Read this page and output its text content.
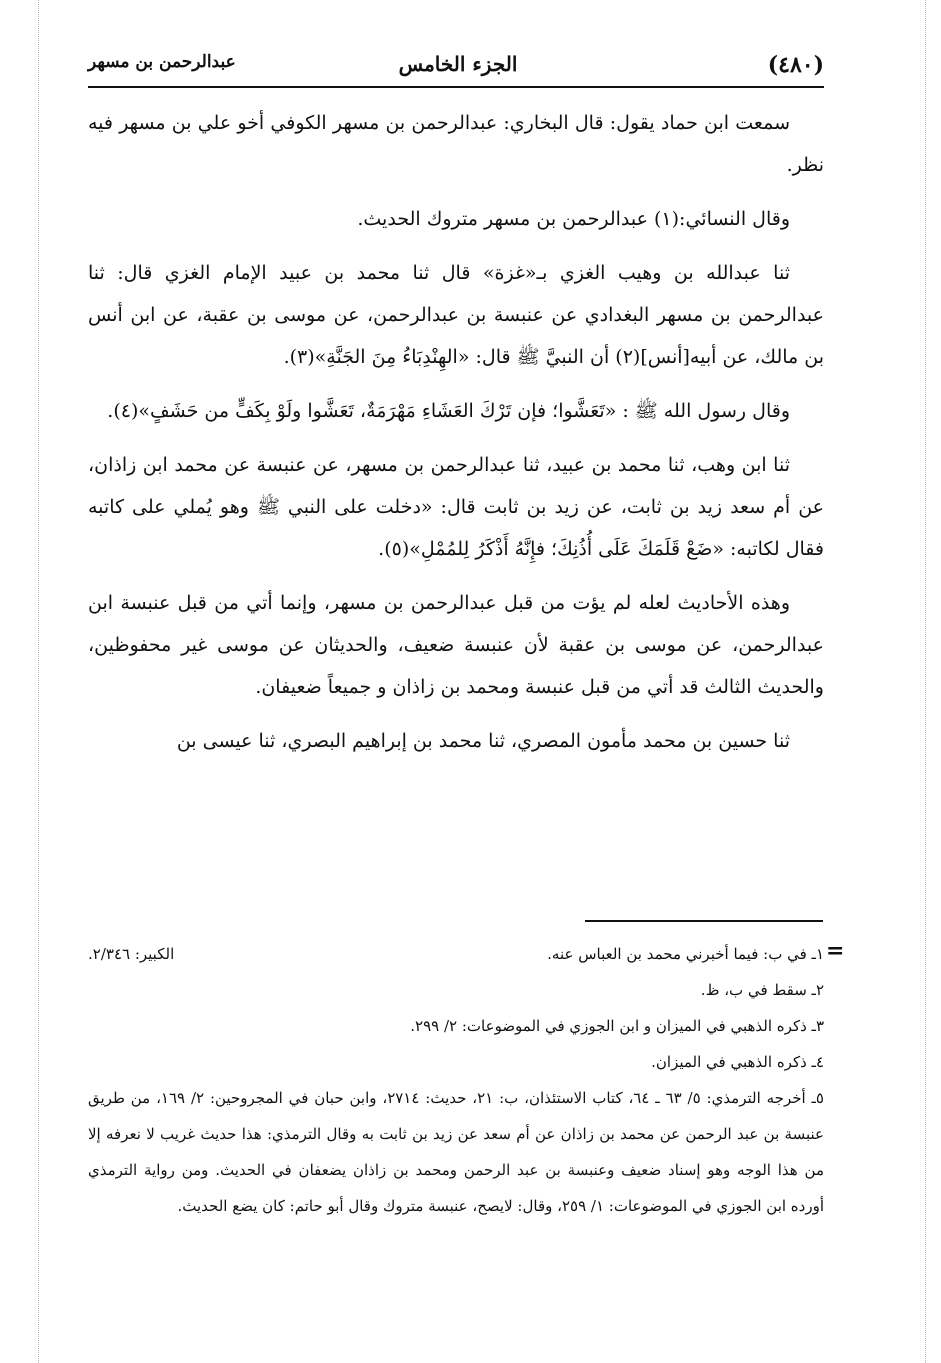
(٤٨٠)
الجزء الخامس
عبدالرحمن بن مسهر

سمعت ابن حماد يقول: قال البخاري: عبدالرحمن بن مسهر الكوفي أخو علي بن مسهر فيه نظر.

وقال النسائي:(١) عبدالرحمن بن مسهر متروك الحديث.

ثنا عبدالله بن وهيب الغزي بـ«غزة» قال ثنا محمد بن عبيد الإمام الغزي قال: ثنا عبدالرحمن بن مسهر البغدادي عن عنبسة بن عبدالرحمن، عن موسى بن عقبة، عن ابن أنس بن مالك، عن أبيه[أنس](٢) أن النبيَّ ﷺ قال: «الهِنْدِبَاءُ مِنَ الجَنَّةِ»(٣).

وقال رسول الله ﷺ : «تَعَشَّوا؛ فإن تَرْكَ العَشَاءِ مَهْرَمَةٌ، تَعَشَّوا ولَوْ بِكَفٍّ من حَشَفٍ»(٤).

ثنا ابن وهب، ثنا محمد بن عبيد، ثنا عبدالرحمن بن مسهر، عن عنبسة عن محمد ابن زاذان، عن أم سعد زيد بن ثابت، عن زيد بن ثابت قال: «دخلت على النبي ﷺ وهو يُملي على كاتبه فقال لكاتبه: «ضَعْ قَلَمَكَ عَلَى أُذُنِكَ؛ فإِنَّهُ أَذْكَرُ لِلمُمْلِ»(٥).

وهذه الأحاديث لعله لم يؤت من قبل عبدالرحمن بن مسهر، وإنما أتي من قبل عنبسة ابن عبدالرحمن، عن موسى بن عقبة لأن عنبسة ضعيف، والحديثان عن موسى غير محفوظين، والحديث الثالث قد أتي من قبل عنبسة ومحمد بن زاذان و جميعاً ضعيفان.

ثنا حسين بن محمد مأمون المصري، ثنا محمد بن إبراهيم البصري، ثنا عيسى بن

=
١ـ في ب: فيما أخبرني محمد بن العباس عنه.
الكبير: ٢/٣٤٦.

٢ـ سقط في ب، ظ.

٣ـ ذكره الذهبي في الميزان و ابن الجوزي في الموضوعات: ٢/ ٢٩٩.

٤ـ ذكره الذهبي في الميزان.

٥ـ أخرجه الترمذي: ٥/ ٦٣ ـ ٦٤، كتاب الاستئذان، ب: ٢١، حديث: ٢٧١٤، وابن حبان في المجروحين: ٢/ ١٦٩، من طريق عنبسة بن عبد الرحمن عن محمد بن زاذان عن أم سعد عن زيد بن ثابت به وقال الترمذي: هذا حديث غريب لا نعرفه إلا من هذا الوجه وهو إسناد ضعيف وعنبسة بن عبد الرحمن ومحمد بن زاذان يضعفان في الحديث. ومن رواية الترمذي أورده ابن الجوزي في الموضوعات: ١/ ٢٥٩، وقال: لايصح، عنبسة متروك وقال أبو حاتم: كان يضع الحديث.
